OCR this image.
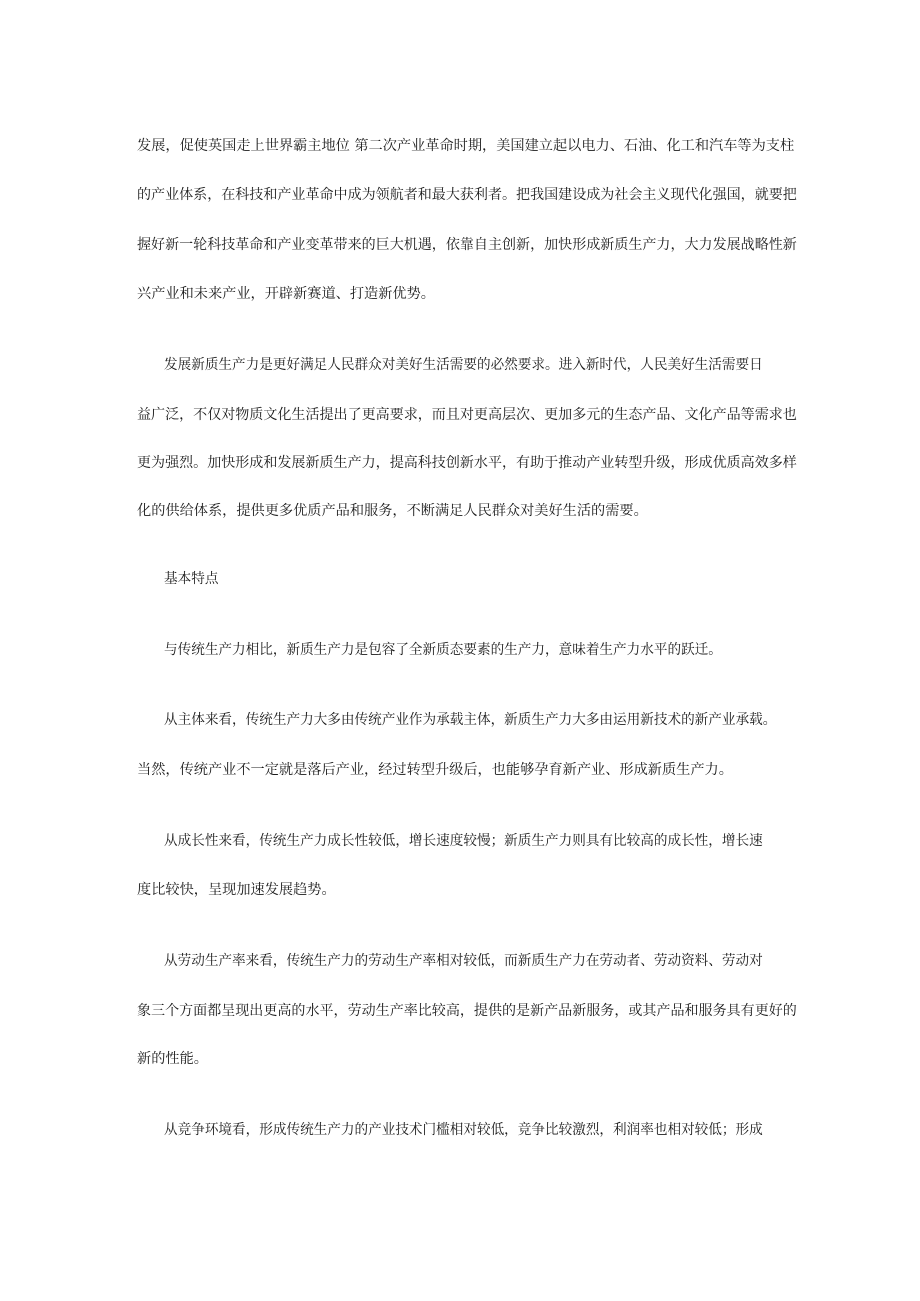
发展，促使英国走上世界霸主地位 第二次产业革命时期，美国建立起以电力、石油、化工和汽车等为支柱
的产业体系，在科技和产业革命中成为领航者和最大获利者。把我国建设成为社会主义现代化强国，就要把
握好新一轮科技革命和产业变革带来的巨大机遇，依靠自主创新，加快形成新质生产力，大力发展战略性新
兴产业和未来产业，开辟新赛道、打造新优势。
发展新质生产力是更好满足人民群众对美好生活需要的必然要求。进入新时代，人民美好生活需要日
益广泛，不仅对物质文化生活提出了更高要求，而且对更高层次、更加多元的生态产品、文化产品等需求也
更为强烈。加快形成和发展新质生产力，提高科技创新水平，有助于推动产业转型升级，形成优质高效多样
化的供给体系，提供更多优质产品和服务，不断满足人民群众对美好生活的需要。
基本特点
与传统生产力相比，新质生产力是包容了全新质态要素的生产力，意味着生产力水平的跃迁。
从主体来看，传统生产力大多由传统产业作为承载主体，新质生产力大多由运用新技术的新产业承载。
当然，传统产业不一定就是落后产业，经过转型升级后，也能够孕育新产业、形成新质生产力。
从成长性来看，传统生产力成长性较低，增长速度较慢；新质生产力则具有比较高的成长性，增长速
度比较快，呈现加速发展趋势。
从劳动生产率来看，传统生产力的劳动生产率相对较低，而新质生产力在劳动者、劳动资料、劳动对
象三个方面都呈现出更高的水平，劳动生产率比较高，提供的是新产品新服务，或其产品和服务具有更好的
新的性能。
从竞争环境看，形成传统生产力的产业技术门槛相对较低，竞争比较激烈，利润率也相对较低；形成
